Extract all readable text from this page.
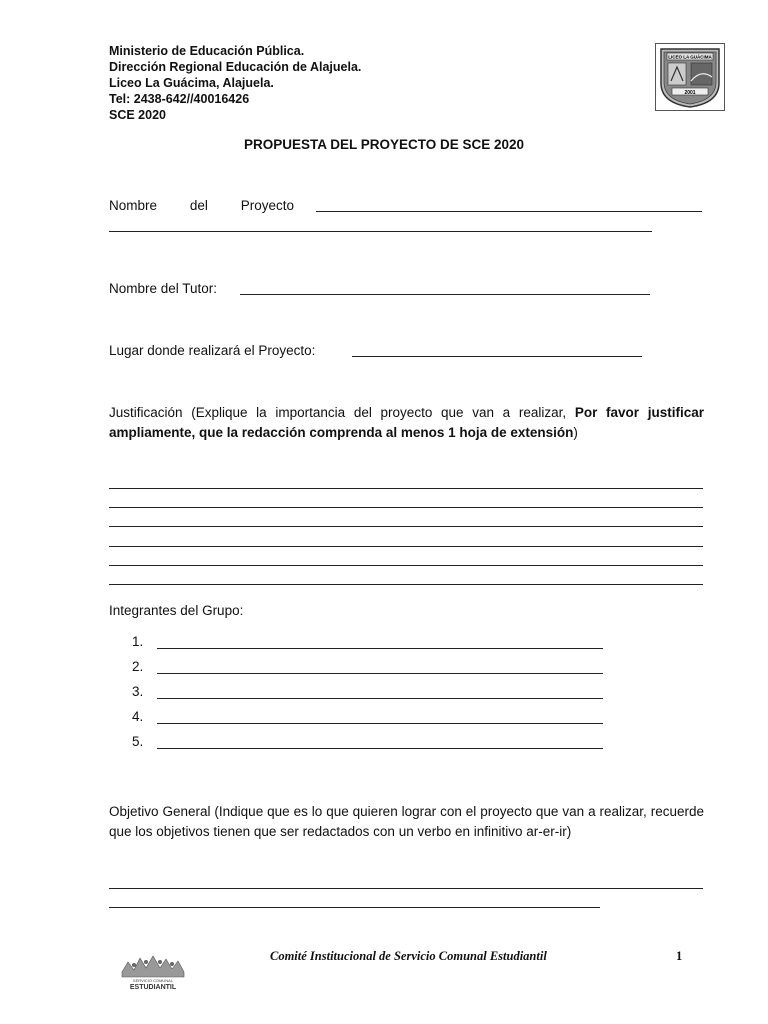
Ministerio de Educación Pública.
Dirección Regional Educación de Alajuela.
Liceo La Guácima, Alajuela.
Tel: 2438-642//40016426
SCE 2020
LICEO LA GUÁCIMA
2001
PROPUESTA DEL PROYECTO DE SCE 2020
Nombre del Proyecto
Nombre del Tutor:
Lugar donde realizará el Proyecto:
Justificación (Explique la importancia del proyecto que van a realizar, Por favor justificar ampliamente, que la redacción comprenda al menos 1 hoja de extensión)
Integrantes del Grupo:
1.
2.
3.
4.
5.
Objetivo General (Indique que es lo que quieren lograr con el proyecto que van a realizar, recuerde que los objetivos tienen que ser redactados con un verbo en infinitivo ar-er-ir)
SERVICIO COMUNAL
ESTUDIANTIL
Comité Institucional de Servicio Comunal Estudiantil	1
